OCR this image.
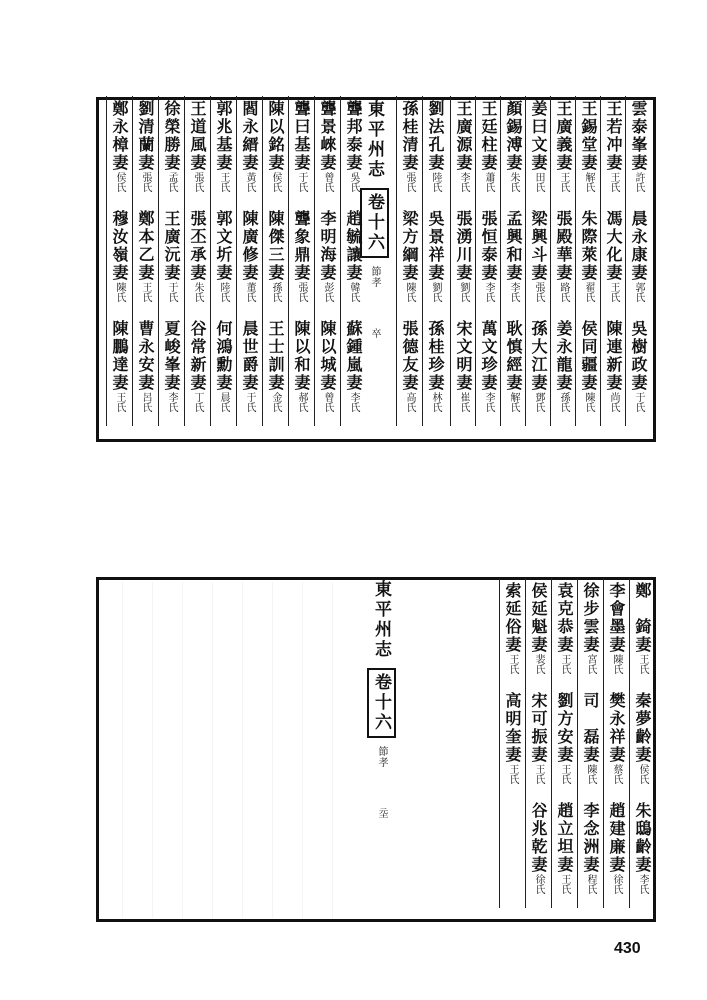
雲泰峯妻許氏　晨永康妻郭氏　吳樹政妻于氏
王若冲妻王氏　馮大化妻王氏　陳連新妻尚氏
王錫堂妻解氏　朱際萊妻翟氏　侯同疆妻陳氏
王廣義妻王氏　張殿華妻路氏　姜永龍妻孫氏
姜曰文妻田氏　梁興斗妻張氏　孫大江妻鄧氏
顏錫溥妻朱氏　孟興和妻李氏　耿慎經妻解氏
王廷柱妻蕭氏　張恒泰妻李氏　萬文珍妻李氏
王廣源妻李氏　張湧川妻劉氏　宋文明妻崔氏
劉法孔妻陸氏　吳景祥妻劉氏　孫桂珍妻林氏
孫桂清妻張氏　梁方綱妻陳氏　張德友妻高氏
聾邦泰妻吳氏　趙毓讓妻韓氏　蘇鍾嵐妻李氏
聾景崍妻曾氏　李明海妻彭氏　陳以城妻曾氏
聾曰基妻于氏　聾象鼎妻張氏　陳以和妻郝氏
陳以銘妻侯氏　陳傑三妻孫氏　王士訓妻金氏
閻永縉妻黃氏　陳廣修妻董氏　晨世爵妻于氏
郭兆基妻王氏　郭文圻妻陸氏　何鴻勳妻晨氏
王道風妻張氏　張丕承妻朱氏　谷常新妻丁氏
徐榮勝妻孟氏　王廣沅妻于氏　夏峻峯妻李氏
劉清蘭妻張氏　鄭本乙妻王氏　曹永安妻呂氏
鄭永樟妻侯氏　穆汝嶺妻陳氏　陳鵬達妻王氏
東平州志卷十六節孝卒
鄭　錡妻王氏　秦夢齡妻侯氏　朱鴟齡妻李氏
李會墨妻陳氏　樊永祥妻蔡氏　趙建廉妻徐氏
徐步雲妻宮氏　司　磊妻陳氏　李念洲妻程氏
袁克恭妻王氏　劉方安妻王氏　趙立坦妻王氏
侯延魁妻裴氏　宋可振妻王氏　谷兆乾妻徐氏
索延俗妻王氏　高明奎妻王氏
東平州志卷十六節孝坖
430
